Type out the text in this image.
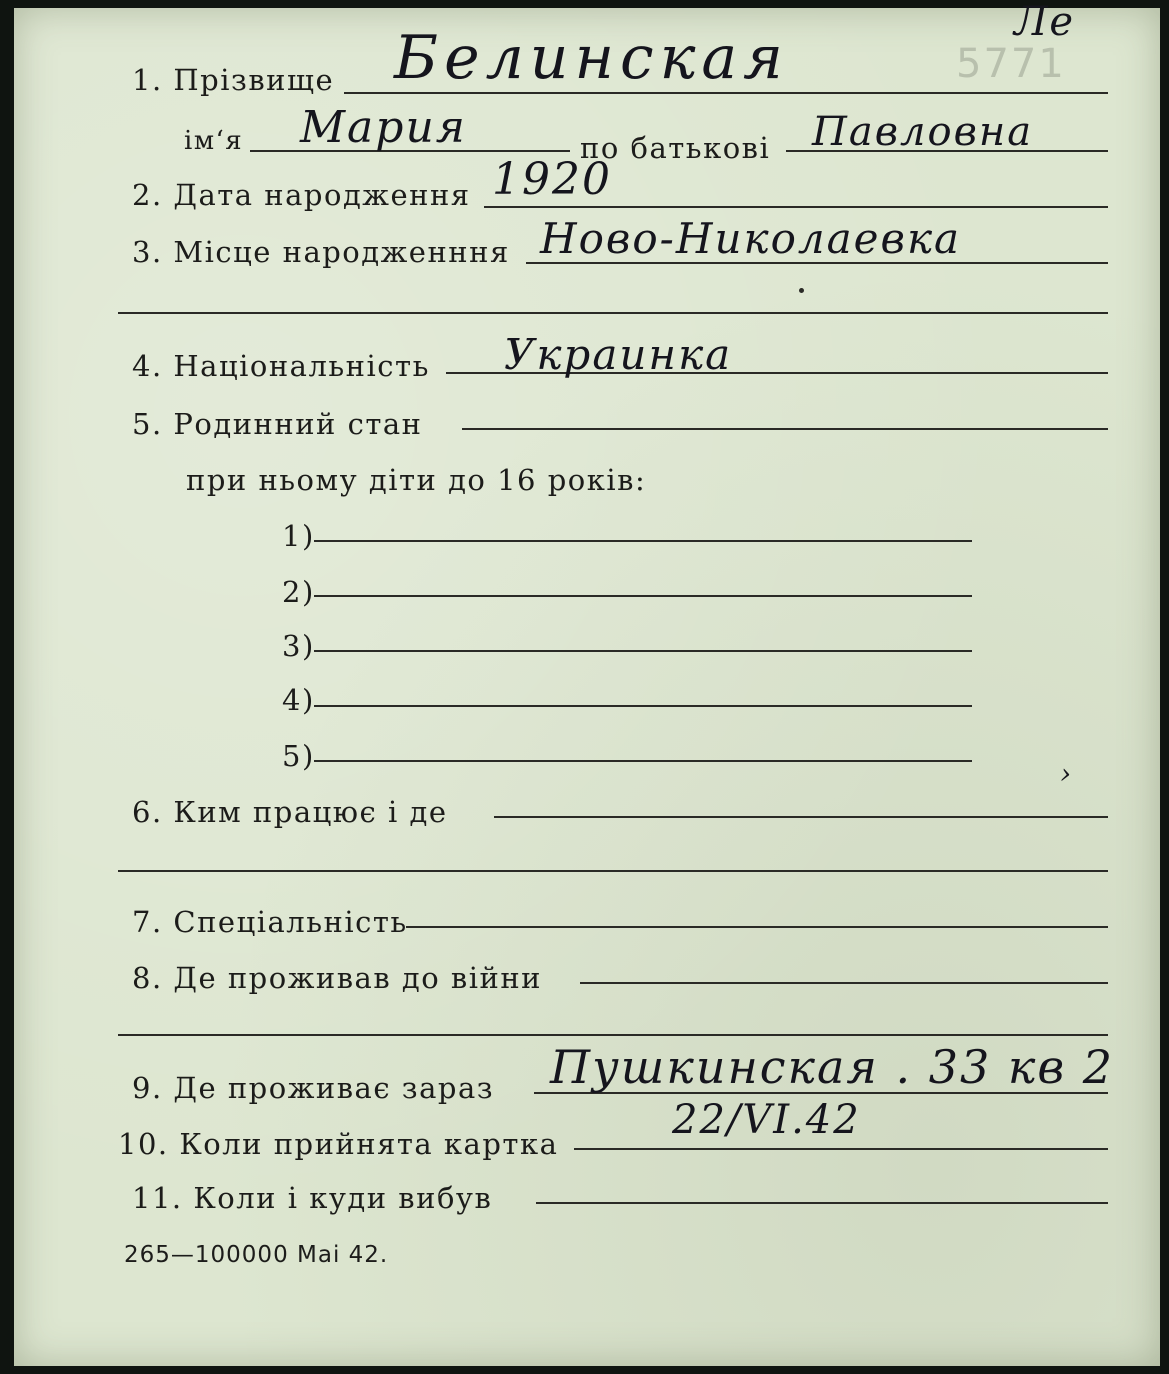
Ле
5771
1. Прізвище Белинская
ім‘я Мария	по батькові Павловна
2. Дата народження 1920
3. Місце народженння Ново-Николаевка
4. Національність Украинка
5. Родинний стан
при ньому діти до 16 років:
1)
2)
3)
4)
5)
6. Ким працює і де
›
7. Спеціальність
8. Де проживав до війни
9. Де проживає зараз Пушкинская . 33 кв 2
10. Коли прийнята картка
22/VI.42
11. Коли і куди вибув
265—100000 Mai 42.
